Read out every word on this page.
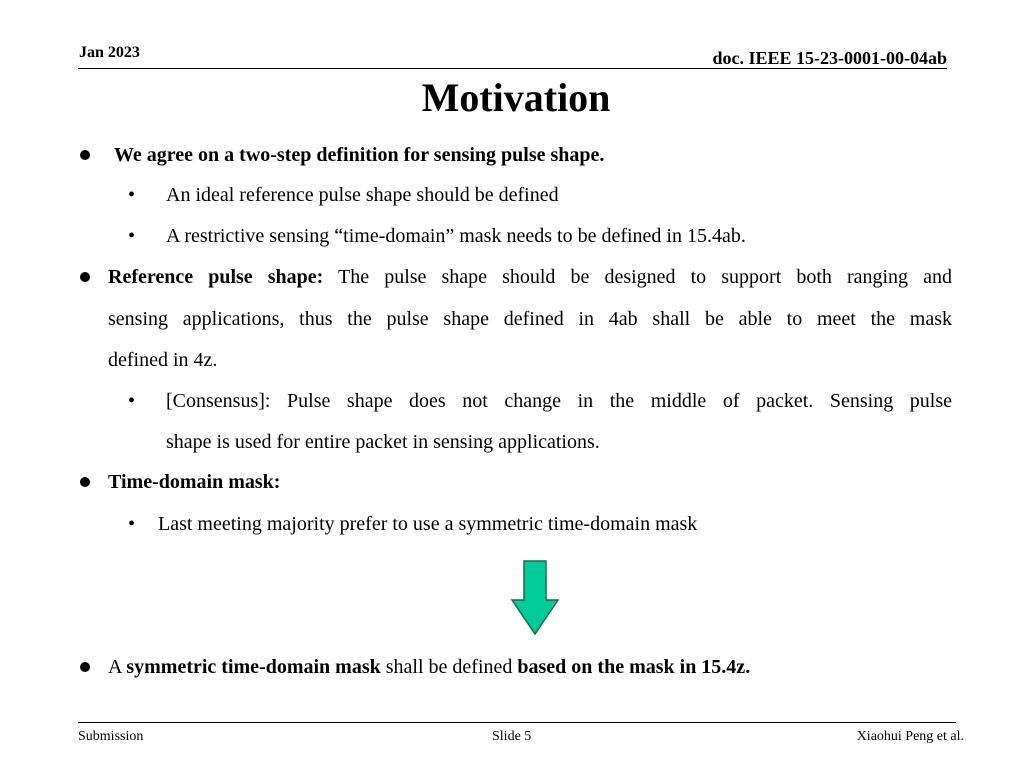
Jan 2023	doc. IEEE 15-23-0001-00-04ab
Motivation
We agree on a two-step definition for sensing pulse shape.
• An ideal reference pulse shape should be defined
• A restrictive sensing “time-domain” mask needs to be defined in 15.4ab.
Reference pulse shape: The pulse shape should be designed to support both ranging and
sensing applications, thus the pulse shape defined in 4ab shall be able to meet the mask
defined in 4z.
• [Consensus]: Pulse shape does not change in the middle of packet. Sensing pulse
shape is used for entire packet in sensing applications.
Time-domain mask:
• Last meeting majority prefer to use a symmetric time-domain mask
A symmetric time-domain mask shall be defined based on the mask in 15.4z.
Submission	Slide 5	Xiaohui Peng et al.
